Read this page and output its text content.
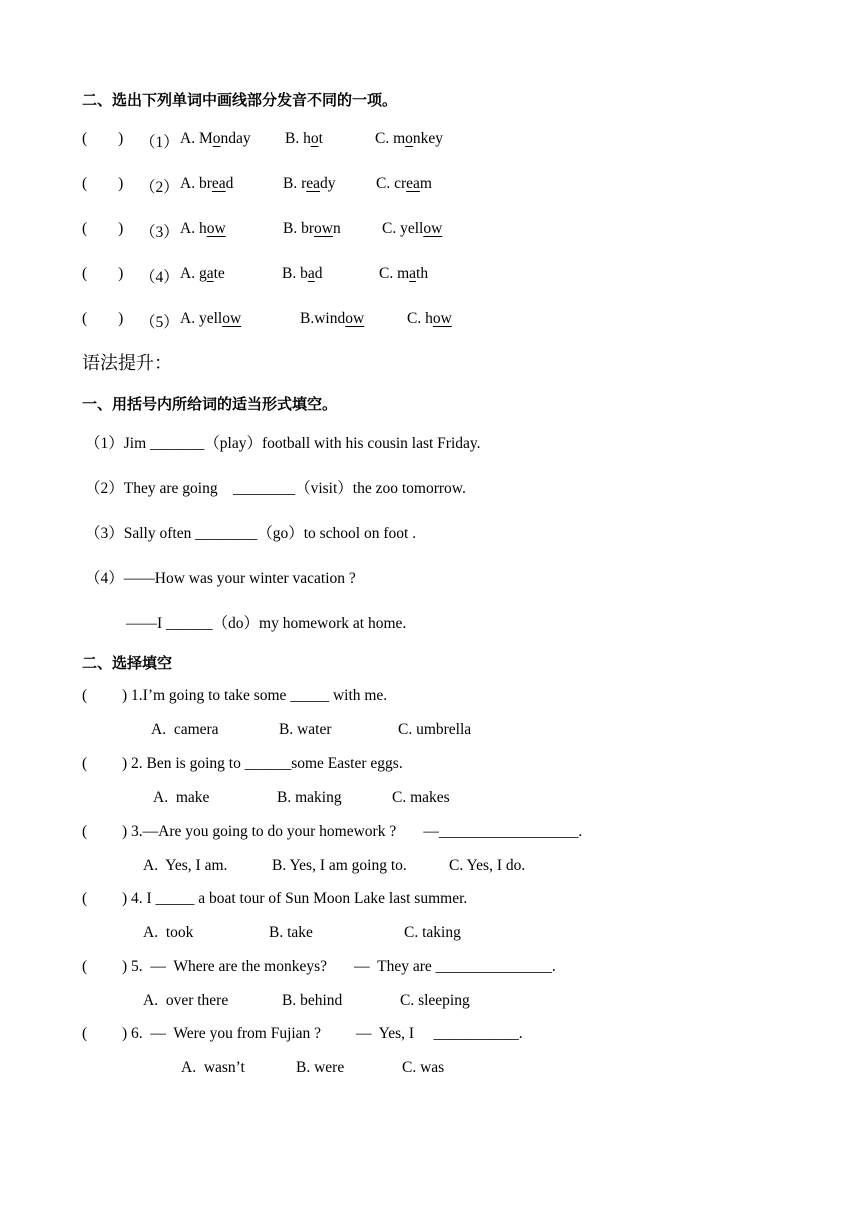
二、选出下列单词中画线部分发音不同的一项。
(        ) （1） A. Monday B. hot	C. monkey
(        ) （2） A. bread	B. ready	C. cream
(        ) （3） A. how	B. brown	C. yellow
(        ) （4） A. gate	B. bad	C. math
(        ) （5） A. yellow	B.window	C. how
语法提升：
一、用括号内所给词的适当形式填空。
（1）Jim _______（play）football with his cousin last Friday.
（2）They are going    ________（visit）the zoo tomorrow.
（3）Sally often ________（go）to school on foot .
（4）——How was your winter vacation ?
——I ______（do）my homework at home.
二、选择填空
( ) 1.I’m going to take some _____ with me.
A.  camera	B. water	C. umbrella
( ) 2. Ben is going to ______some Easter eggs.
A.  make	B. making	C. makes
( ) 3.—Are you going to do your homework ?       —__________________.
A.  Yes, I am.	B. Yes, I am going to.	C. Yes, I do.
( ) 4. I _____ a boat tour of Sun Moon Lake last summer.
A.  took	B. take	C. taking
( ) 5.  —  Where are the monkeys?       —  They are _______________.
A.  over there	B. behind	C. sleeping
( ) 6.  —  Were you from Fujian ?         —  Yes, I     ___________.
A.  wasn’t	B. were	C. was
